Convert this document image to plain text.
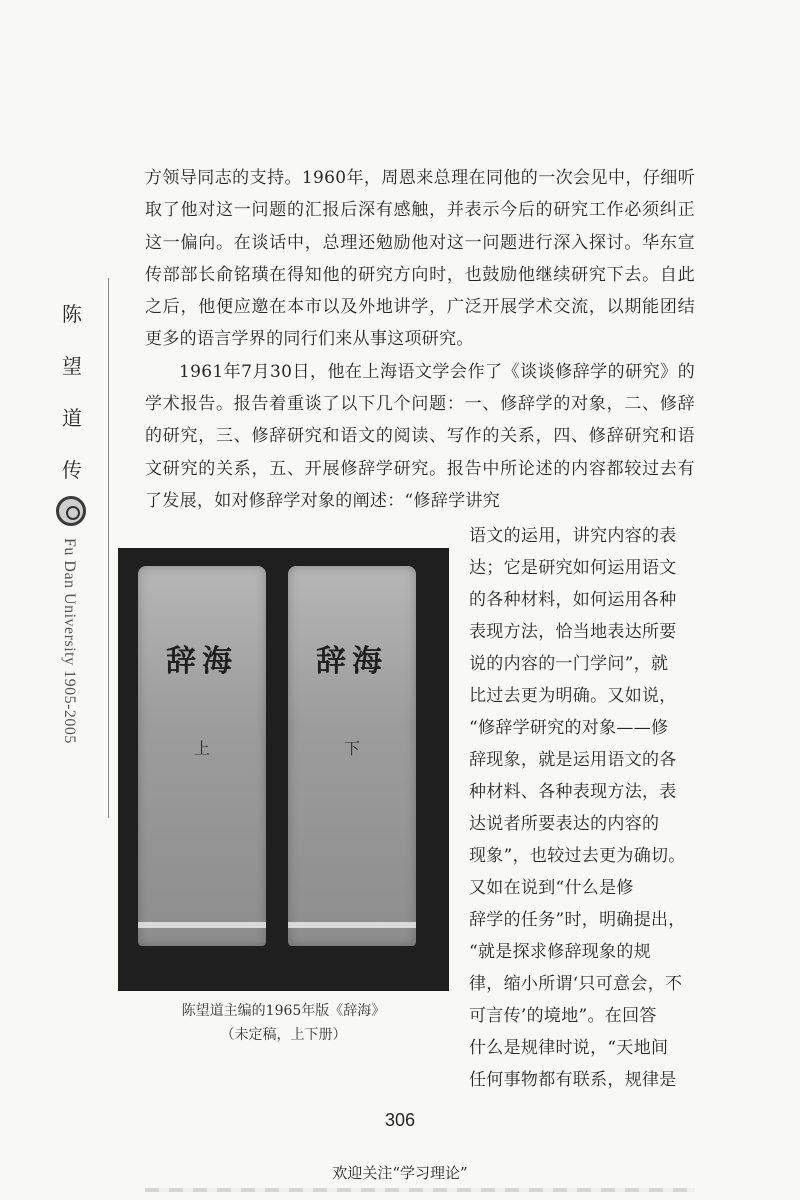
陈
望
道
传
Fu Dan University 1905-2005

方领导同志的支持。1960年，周恩来总理在同他的一次会见中，仔细听取了他对这一问题的汇报后深有感触，并表示今后的研究工作必须纠正这一偏向。在谈话中，总理还勉励他对这一问题进行深入探讨。华东宣传部部长俞铭璜在得知他的研究方向时，也鼓励他继续研究下去。自此之后，他便应邀在本市以及外地讲学，广泛开展学术交流，以期能团结更多的语言学界的同行们来从事这项研究。

1961年7月30日，他在上海语文学会作了《谈谈修辞学的研究》的学术报告。报告着重谈了以下几个问题：一、修辞学的对象，二、修辞的研究，三、修辞研究和语文的阅读、写作的关系，四、修辞研究和语文研究的关系，五、开展修辞学研究。报告中所论述的内容都较过去有了发展，如对修辞学对象的阐述：“修辞学讲究

辞海
上
辞海
下
陈望道主编的1965年版《辞海》
（未定稿，上下册）
语文的运用，讲究内容的表
达；它是研究如何运用语文
的各种材料，如何运用各种
表现方法，恰当地表达所要
说的内容的一门学问”，就
比过去更为明确。又如说，
“修辞学研究的对象——修
辞现象，就是运用语文的各
种材料、各种表现方法，表
达说者所要表达的内容的
现象”，也较过去更为确切。
又如在说到“什么是修
辞学的任务”时，明确提出，
“就是探求修辞现象的规
律，缩小所谓‘只可意会，不
可言传’的境地”。在回答
什么是规律时说，“天地间
任何事物都有联系，规律是
306
欢迎关注“学习理论”
